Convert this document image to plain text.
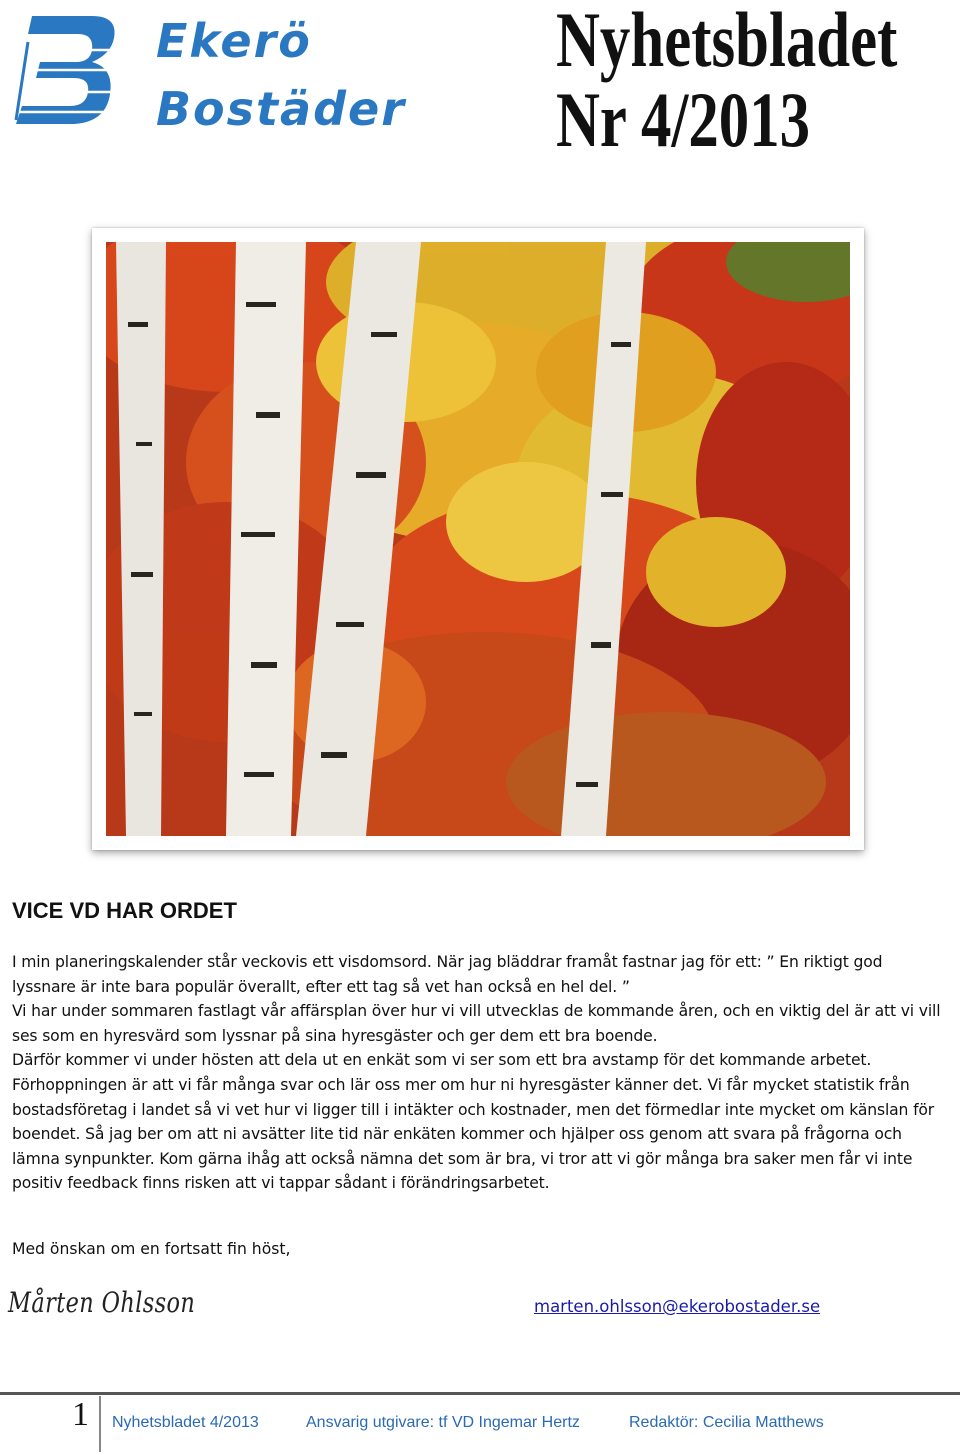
Ekerö
Bostäder
Nyhetsbladet
Nr 4/2013
VICE VD HAR ORDET

I min planeringskalender står veckovis ett visdomsord. När jag bläddrar framåt fastnar jag för ett: ” En riktigt god lyssnare är inte bara populär överallt, efter ett tag så vet han också en hel del. ”

Vi har under sommaren fastlagt vår affärsplan över hur vi vill utvecklas de kommande åren, och en viktig del är att vi vill ses som en hyresvärd som lyssnar på sina hyresgäster och ger dem ett bra boende.

Därför kommer vi under hösten att dela ut en enkät som vi ser som ett bra avstamp för det kommande arbetet. Förhoppningen är att vi får många svar och lär oss mer om hur ni hyresgäster känner det. Vi får mycket statistik från bostadsföretag i landet så vi vet hur vi ligger till i intäkter och kostnader, men det förmedlar inte mycket om känslan för boendet. Så jag ber om att ni avsätter lite tid när enkäten kommer och hjälper oss genom att svara på frågorna och lämna synpunkter. Kom gärna ihåg att också nämna det som är bra, vi tror att vi gör många bra saker men får vi inte positiv feedback finns risken att vi tappar sådant i förändringsarbetet.

Med önskan om en fortsatt fin höst,
Mårten Ohlsson	marten.ohlsson@ekerobostader.se
1 Nyhetsbladet 4/2013	Ansvarig utgivare: tf VD Ingemar Hertz	Redaktör: Cecilia Matthews
